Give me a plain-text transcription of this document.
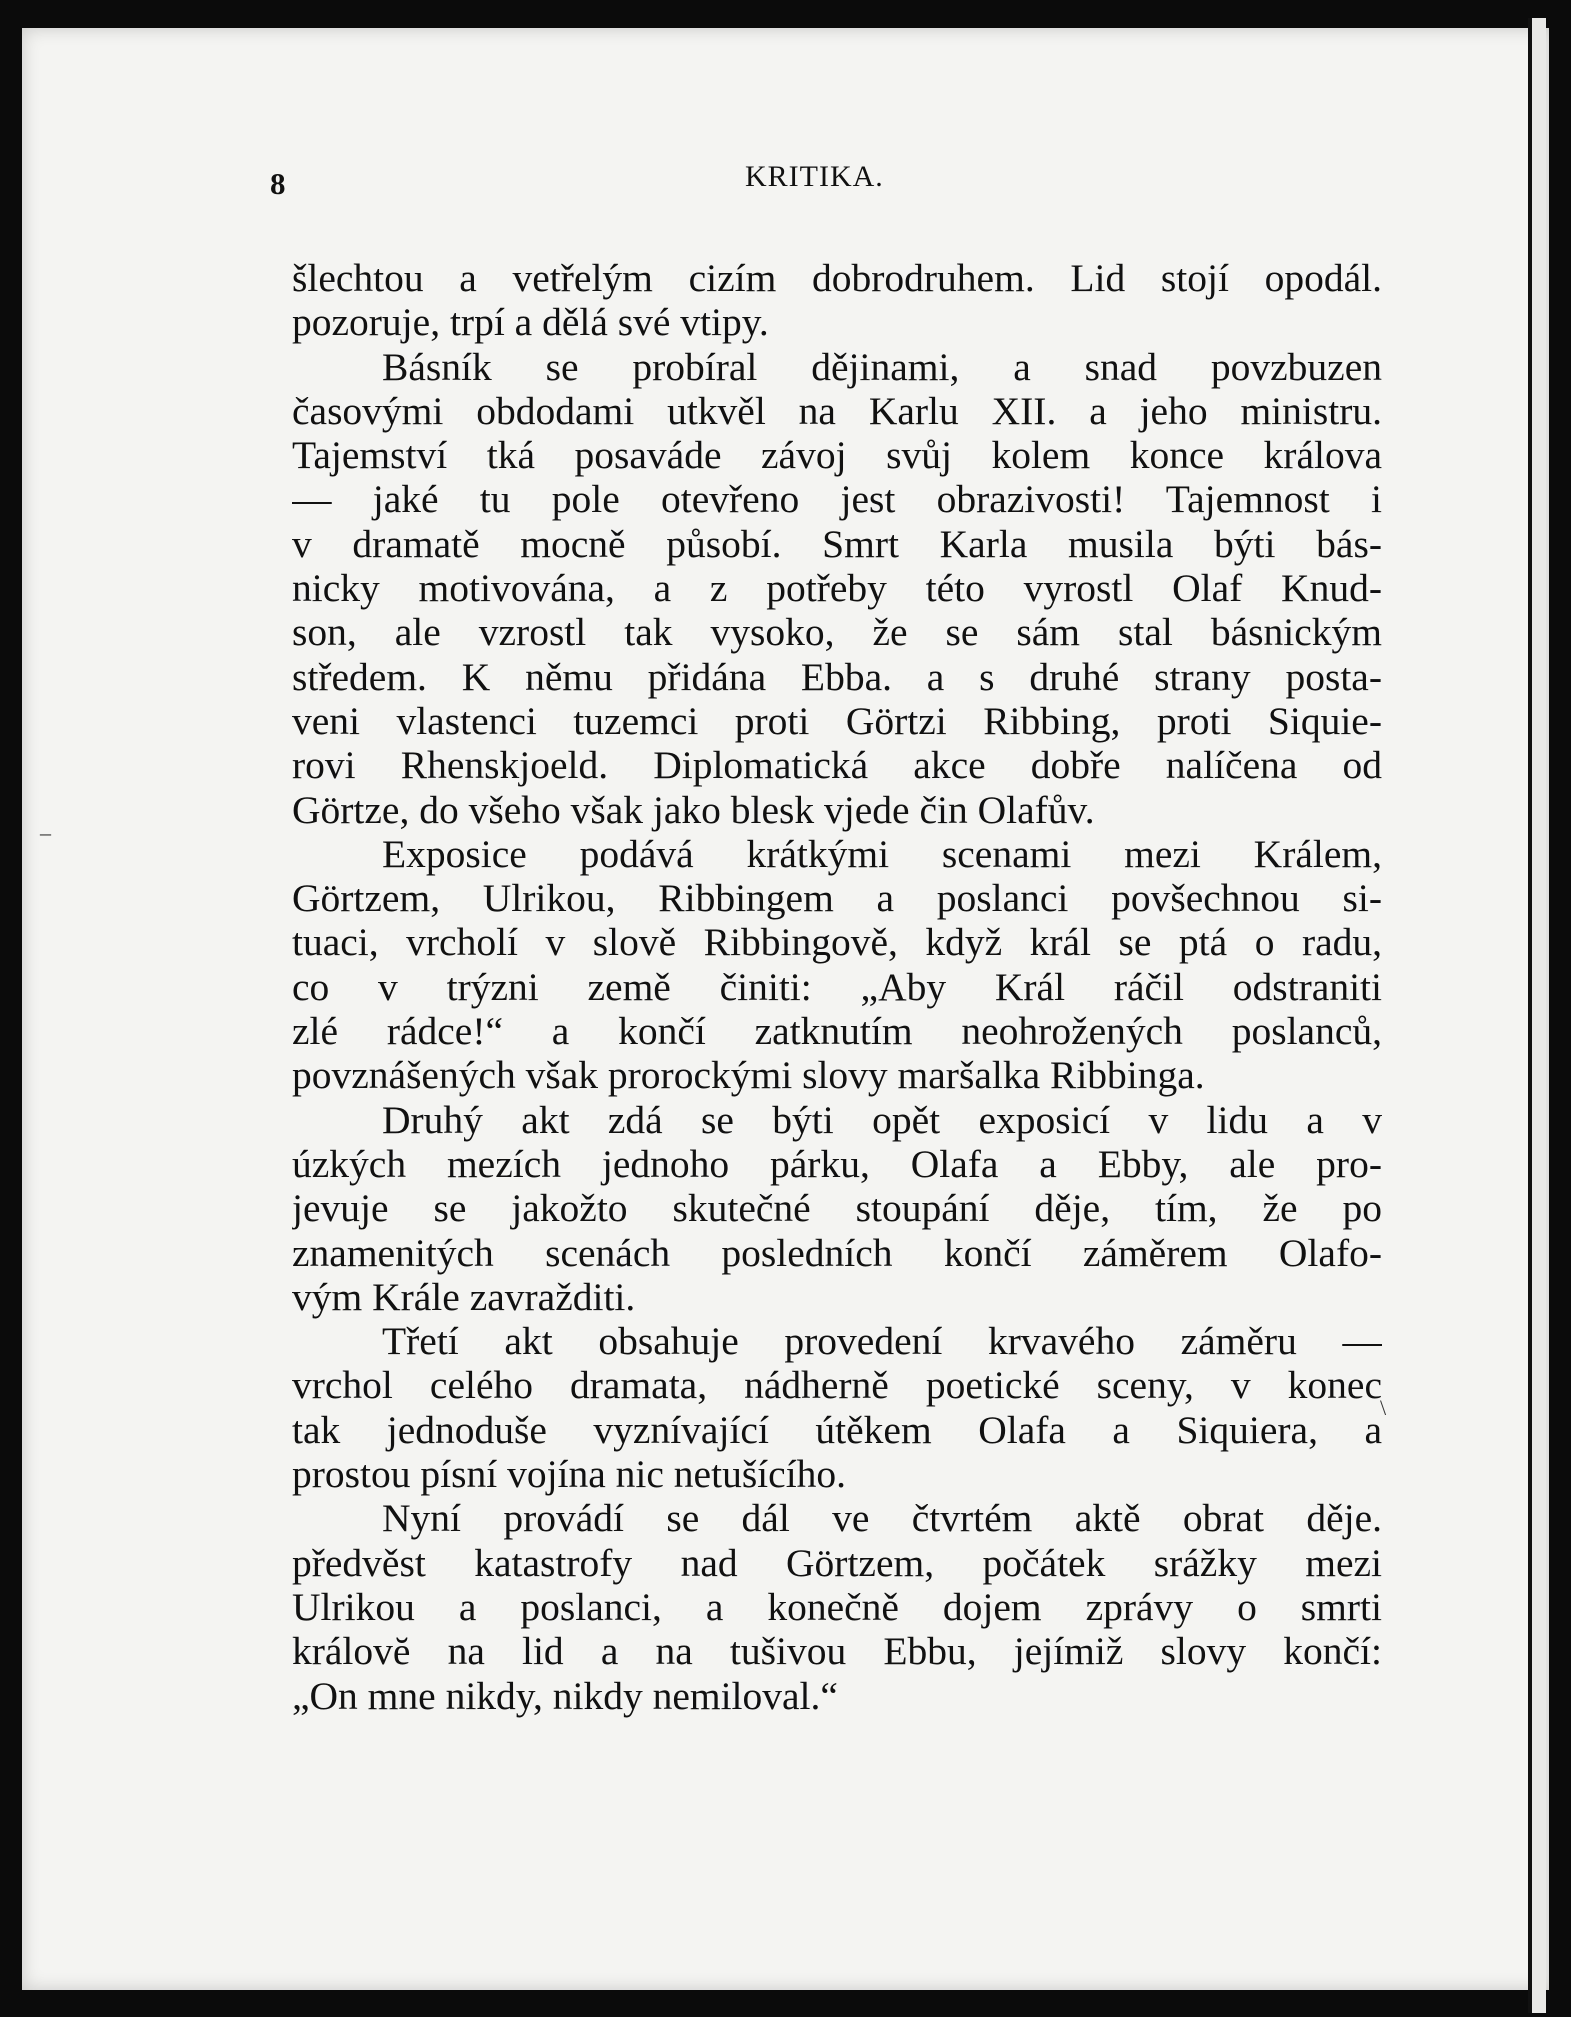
8	KRITIKA.
šlechtou a vetřelým cizím dobrodruhem. Lid stojí opodál.
pozoruje, trpí a dělá své vtipy.
Básník se probíral dějinami, a snad povzbuzen
časovými obdodami utkvěl na Karlu XII. a jeho ministru.
Tajemství tká posaváde závoj svůj kolem konce králova
— jaké tu pole otevřeno jest obrazivosti! Tajemnost i
v dramatě mocně působí. Smrt Karla musila býti bás-
nicky motivována, a z potřeby této vyrostl Olaf Knud-
son, ale vzrostl tak vysoko, že se sám stal básnickým
středem. K němu přidána Ebba. a s druhé strany posta-
veni vlastenci tuzemci proti Görtzi Ribbing, proti Siquie-
rovi Rhenskjoeld. Diplomatická akce dobře nalíčena od
Görtze, do všeho však jako blesk vjede čin Olafův.
Exposice podává krátkými scenami mezi Králem,
Görtzem, Ulrikou, Ribbingem a poslanci povšechnou si-
tuaci, vrcholí v slově Ribbingově, když král se ptá o radu,
co v trýzni země činiti: „Aby Král ráčil odstraniti
zlé rádce!“ a končí zatknutím neohrožených poslanců,
povznášených však prorockými slovy maršalka Ribbinga.
Druhý akt zdá se býti opět exposicí v lidu a v
úzkých mezích jednoho párku, Olafa a Ebby, ale pro-
jevuje se jakožto skutečné stoupání děje, tím, že po
znamenitých scenách posledních končí záměrem Olafo-
vým Krále zavražditi.
Třetí akt obsahuje provedení krvavého záměru —
vrchol celého dramata, nádherně poetické sceny, v konec
tak jednoduše vyznívající útěkem Olafa a Siquiera, a
prostou písní vojína nic netušícího.
Nyní provádí se dál ve čtvrtém aktě obrat děje.
předvěst katastrofy nad Görtzem, počátek srážky mezi
Ulrikou a poslanci, a konečně dojem zprávy o smrti
královĕ na lid a na tušivou Ebbu, jejímiž slovy končí:
„On mne nikdy, nikdy nemiloval.“
–
\
